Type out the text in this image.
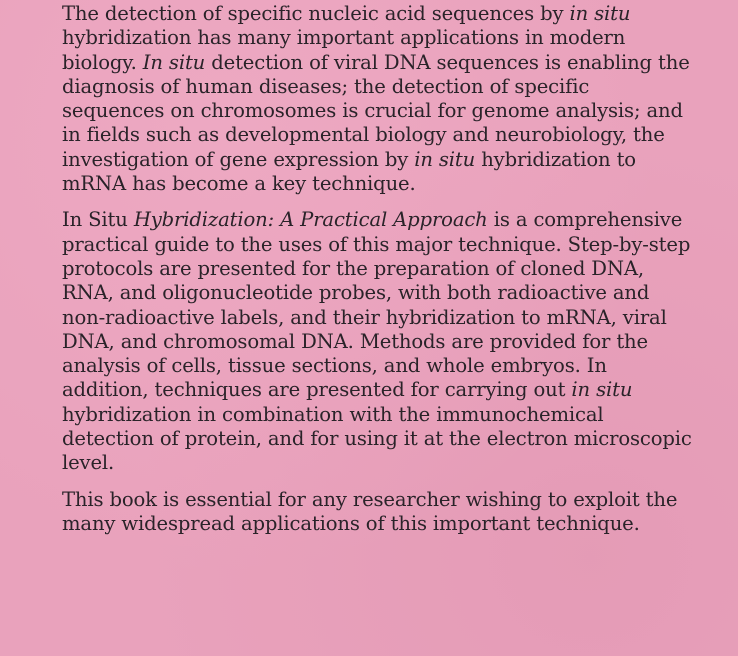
The detection of specific nucleic acid sequences by in situ
hybridization has many important applications in modern
biology. In situ detection of viral DNA sequences is enabling the
diagnosis of human diseases; the detection of specific
sequences on chromosomes is crucial for genome analysis; and
in fields such as developmental biology and neurobiology, the
investigation of gene expression by in situ hybridization to
mRNA has become a key technique.

In Situ Hybridization: A Practical Approach is a comprehensive
practical guide to the uses of this major technique. Step-by-step
protocols are presented for the preparation of cloned DNA,
RNA, and oligonucleotide probes, with both radioactive and
non-radioactive labels, and their hybridization to mRNA, viral
DNA, and chromosomal DNA. Methods are provided for the
analysis of cells, tissue sections, and whole embryos. In
addition, techniques are presented for carrying out in situ
hybridization in combination with the immunochemical
detection of protein, and for using it at the electron microscopic
level.

This book is essential for any researcher wishing to exploit the
many widespread applications of this important technique.
